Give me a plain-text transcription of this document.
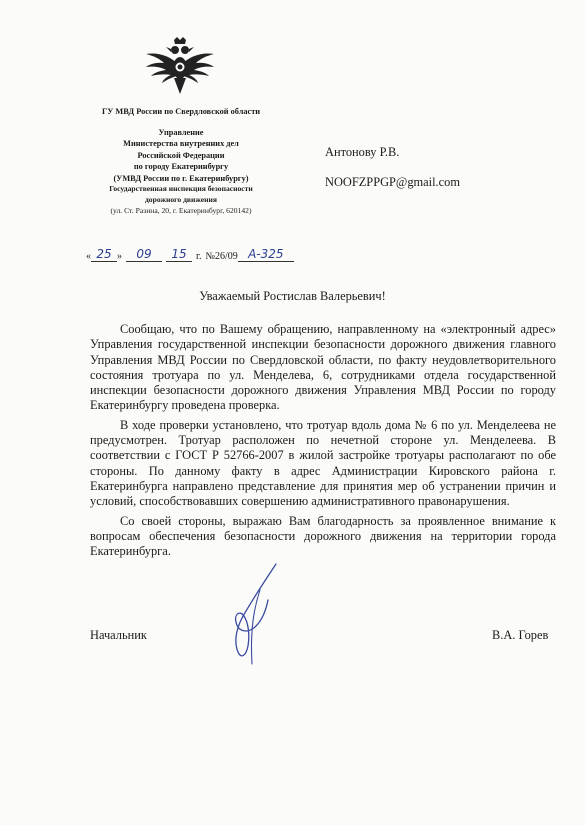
ГУ МВД России по Свердловской области
Управление
Министерства внутренних дел
Российской Федерации
по городу Екатеринбургу
(УМВД России по г. Екатеринбургу)
Государственная инспекция безопасности
дорожного движения
(ул. Ст. Разина, 20, г. Екатеринбург, 620142)
Антонову Р.В.
NOOFZPPGP@gmail.com
« 25 »	09	15 г. №26/09 А-325
Уважаемый Ростислав Валерьевич!

Сообщаю, что по Вашему обращению, направленному на «электронный адрес» Управления государственной инспекции безопасности дорожного движения главного Управления МВД России по Свердловской области, по факту неудовлетворительного состояния тротуара по ул. Менделева, 6, сотрудниками отдела государственной инспекции безопасности дорожного движения Управления МВД России по городу Екатеринбургу проведена проверка.

В ходе проверки установлено, что тротуар вдоль дома № 6 по ул. Менделеева не предусмотрен. Тротуар расположен по нечетной стороне ул. Менделеева. В соответствии с ГОСТ Р 52766-2007 в жилой застройке тротуары располагают по обе стороны. По данному факту в адрес Администрации Кировского района г. Екатеринбурга направлено представление для принятия мер об устранении причин и условий, способствовавших совершению административного правонарушения.

Со своей стороны, выражаю Вам благодарность за проявленное внимание к вопросам обеспечения безопасности дорожного движения на территории города Екатеринбурга.

Начальник	В.А. Горев
